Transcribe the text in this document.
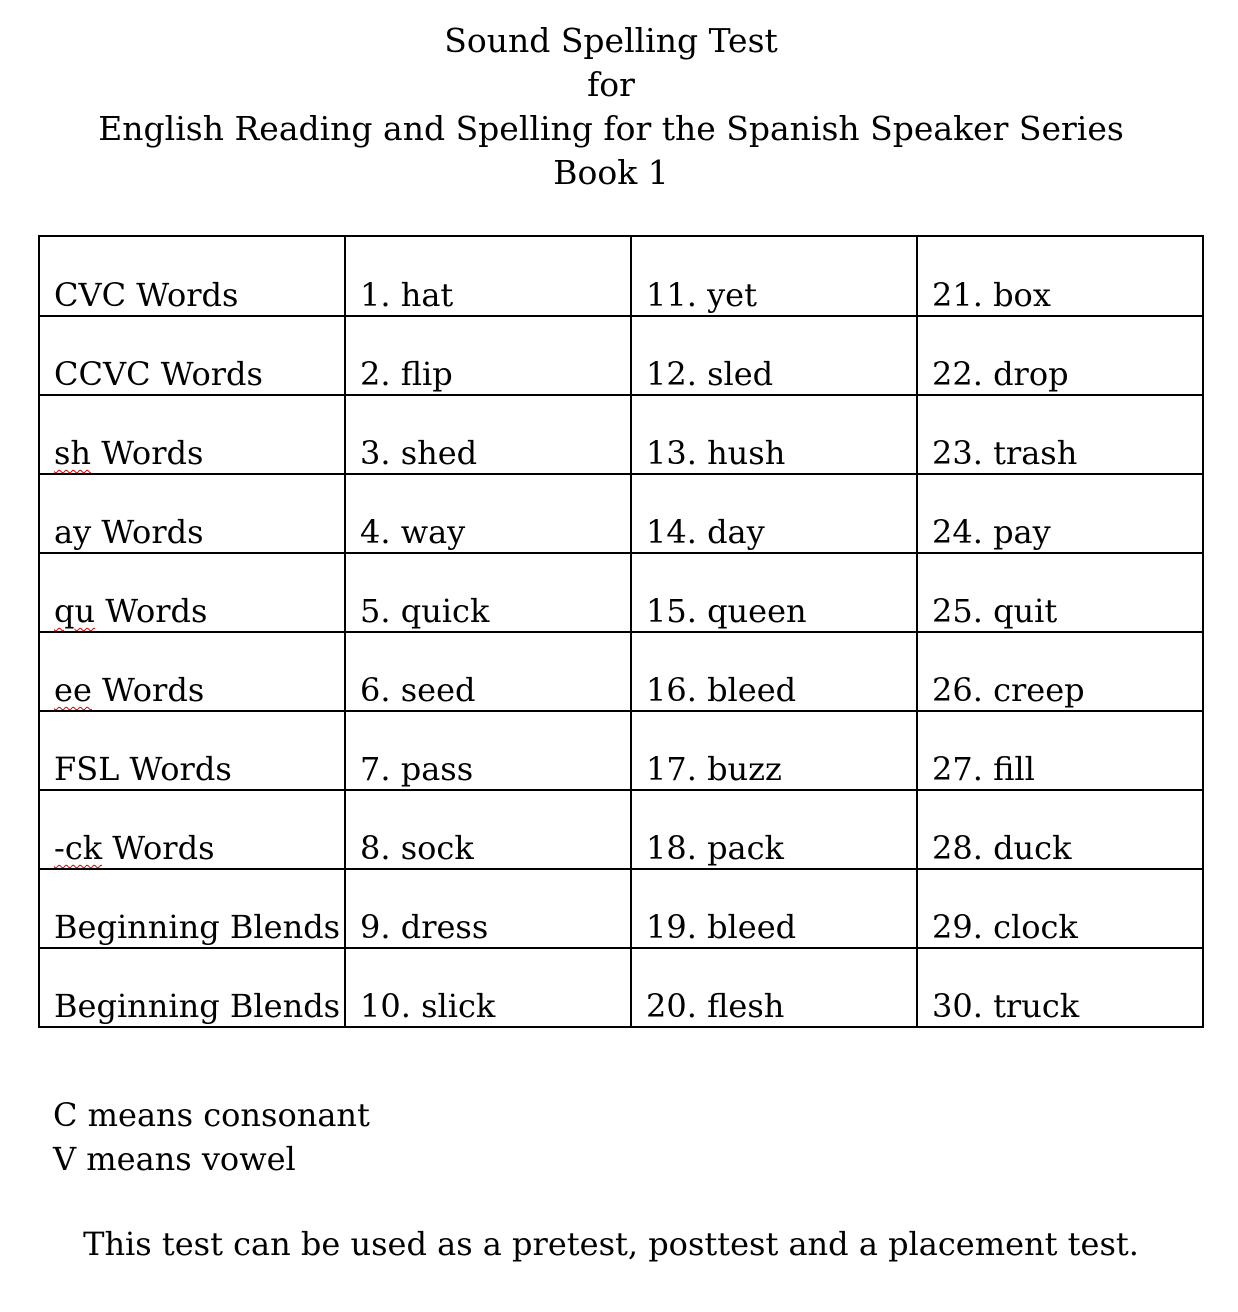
Sound Spelling Test
for
English Reading and Spelling for the Spanish Speaker Series
Book 1
CVC Words	1. hat	11. yet	21. box
CCVC Words	2. flip	12. sled	22. drop
sh Words	3. shed	13. hush	23. trash
ay Words	4. way	14. day	24. pay
qu Words	5. quick	15. queen	25. quit
ee Words	6. seed	16. bleed	26. creep
FSL Words	7. pass	17. buzz	27. fill
-ck Words	8. sock	18. pack	28. duck
Beginning Blends	9. dress	19. bleed	29. clock
Beginning Blends	10. slick	20. flesh	30. truck
C means consonant
V means vowel
This test can be used as a pretest, posttest and a placement test.
